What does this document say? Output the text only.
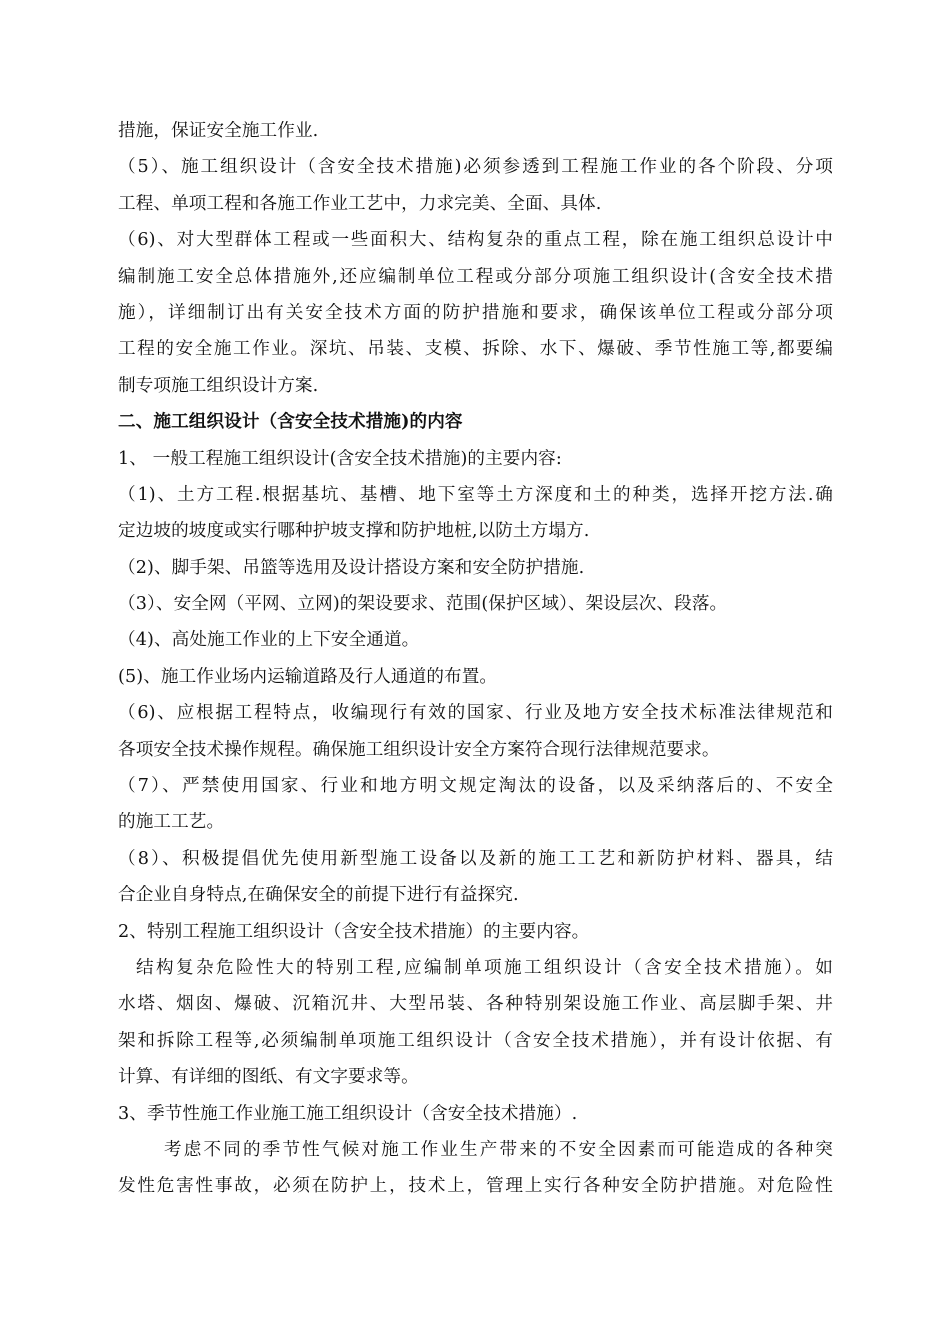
措施，保证安全施工作业.
（5）、施工组织设计（含安全技术措施)必须参透到工程施工作业的各个阶段、分项
工程、单项工程和各施工作业工艺中，力求完美、全面、具体.
（6)、对大型群体工程或一些面积大、结构复杂的重点工程，除在施工组织总设计中
编制施工安全总体措施外,还应编制单位工程或分部分项施工组织设计(含安全技术措
施），详细制订出有关安全技术方面的防护措施和要求，确保该单位工程或分部分项
工程的安全施工作业。深坑、吊装、支模、拆除、水下、爆破、季节性施工等,都要编
制专项施工组织设计方案.
二、施工组织设计（含安全技术措施)的内容
1、 一般工程施工组织设计(含安全技术措施)的主要内容:
（1)、土方工程.根据基坑、基槽、地下室等土方深度和土的种类，选择开挖方法.确
定边坡的坡度或实行哪种护坡支撑和防护地桩,以防土方塌方.
（2)、脚手架、吊篮等选用及设计搭设方案和安全防护措施.
（3）、安全网（平网、立网)的架设要求、范围(保护区域）、架设层次、段落。
（4)、高处施工作业的上下安全通道。
(5)、施工作业场内运输道路及行人通道的布置。
（6)、应根据工程特点，收编现行有效的国家、行业及地方安全技术标准法律规范和
各项安全技术操作规程。确保施工组织设计安全方案符合现行法律规范要求。
（7）、严禁使用国家、行业和地方明文规定淘汰的设备，以及采纳落后的、不安全
的施工工艺。
（8）、积极提倡优先使用新型施工设备以及新的施工工艺和新防护材料、器具，结
合企业自身特点,在确保安全的前提下进行有益探究.
2、特别工程施工组织设计（含安全技术措施）的主要内容。
结构复杂危险性大的特别工程,应编制单项施工组织设计（含安全技术措施）。如
水塔、烟囱、爆破、沉箱沉井、大型吊装、各种特别架设施工作业、高层脚手架、井
架和拆除工程等,必须编制单项施工组织设计（含安全技术措施），并有设计依据、有
计算、有详细的图纸、有文字要求等。
3、季节性施工作业施工施工组织设计（含安全技术措施）.
考虑不同的季节性气候对施工作业生产带来的不安全因素而可能造成的各种突
发性危害性事故，必须在防护上，技术上，管理上实行各种安全防护措施。对危险性
